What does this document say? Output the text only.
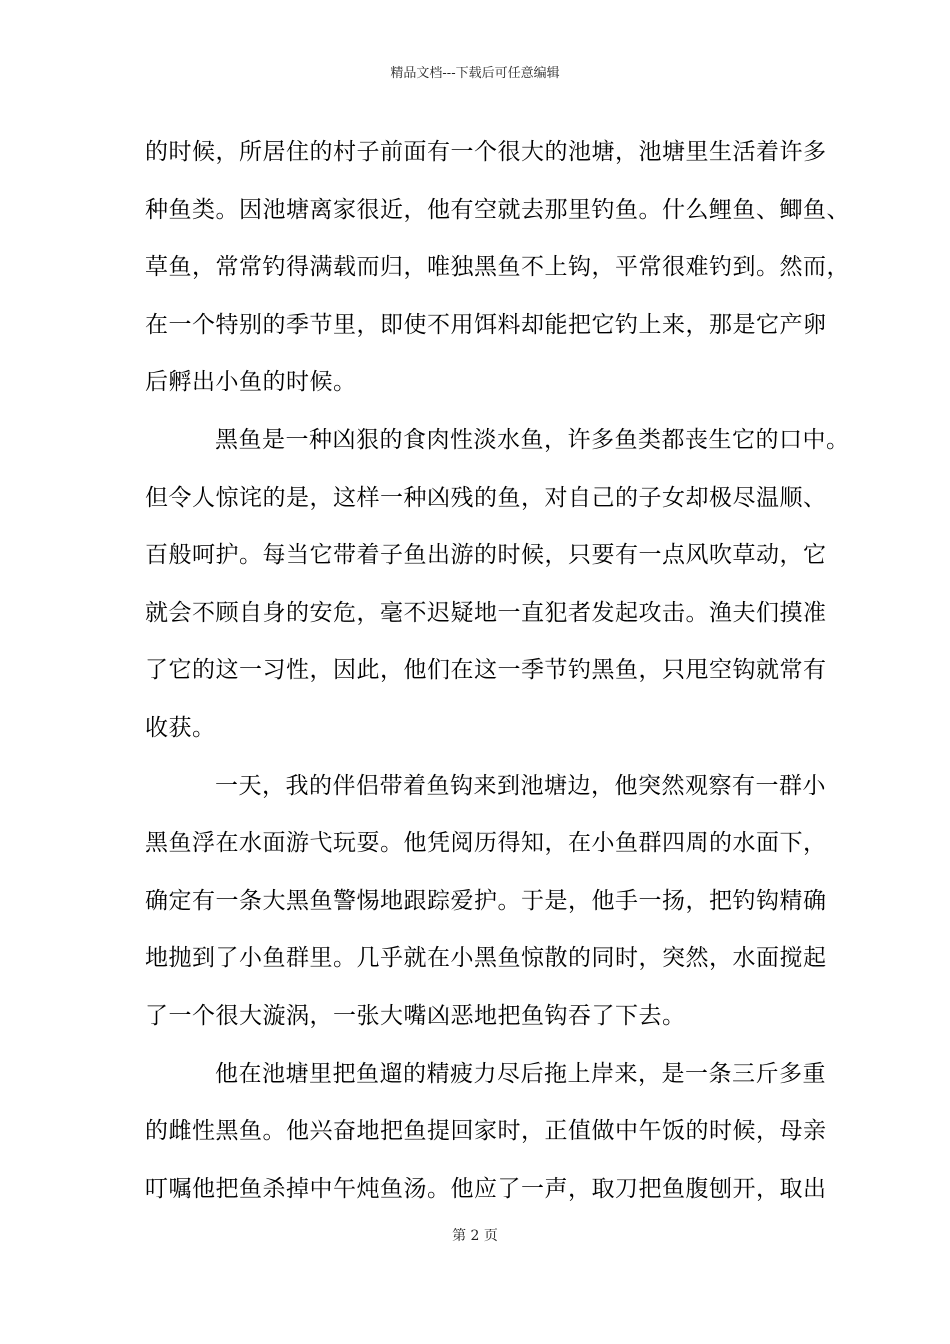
精品文档---下载后可任意编辑
的时候，所居住的村子前面有一个很大的池塘，池塘里生活着许多
种鱼类。因池塘离家很近，他有空就去那里钓鱼。什么鲤鱼、鲫鱼、
草鱼，常常钓得满载而归，唯独黑鱼不上钩，平常很难钓到。然而，
在一个特别的季节里，即使不用饵料却能把它钓上来，那是它产卵
后孵出小鱼的时候。
黑鱼是一种凶狠的食肉性淡水鱼，许多鱼类都丧生它的口中。
但令人惊诧的是，这样一种凶残的鱼，对自己的子女却极尽温顺、
百般呵护。每当它带着子鱼出游的时候，只要有一点风吹草动，它
就会不顾自身的安危，毫不迟疑地一直犯者发起攻击。渔夫们摸准
了它的这一习性，因此，他们在这一季节钓黑鱼，只甩空钩就常有
收获。
一天，我的伴侣带着鱼钩来到池塘边，他突然观察有一群小
黑鱼浮在水面游弋玩耍。他凭阅历得知，在小鱼群四周的水面下，
确定有一条大黑鱼警惕地跟踪爱护。于是，他手一扬，把钓钩精确
地抛到了小鱼群里。几乎就在小黑鱼惊散的同时，突然，水面搅起
了一个很大漩涡，一张大嘴凶恶地把鱼钩吞了下去。
他在池塘里把鱼遛的精疲力尽后拖上岸来，是一条三斤多重
的雌性黑鱼。他兴奋地把鱼提回家时，正值做中午饭的时候，母亲
叮嘱他把鱼杀掉中午炖鱼汤。他应了一声，取刀把鱼腹刨开，取出
第 2 页
